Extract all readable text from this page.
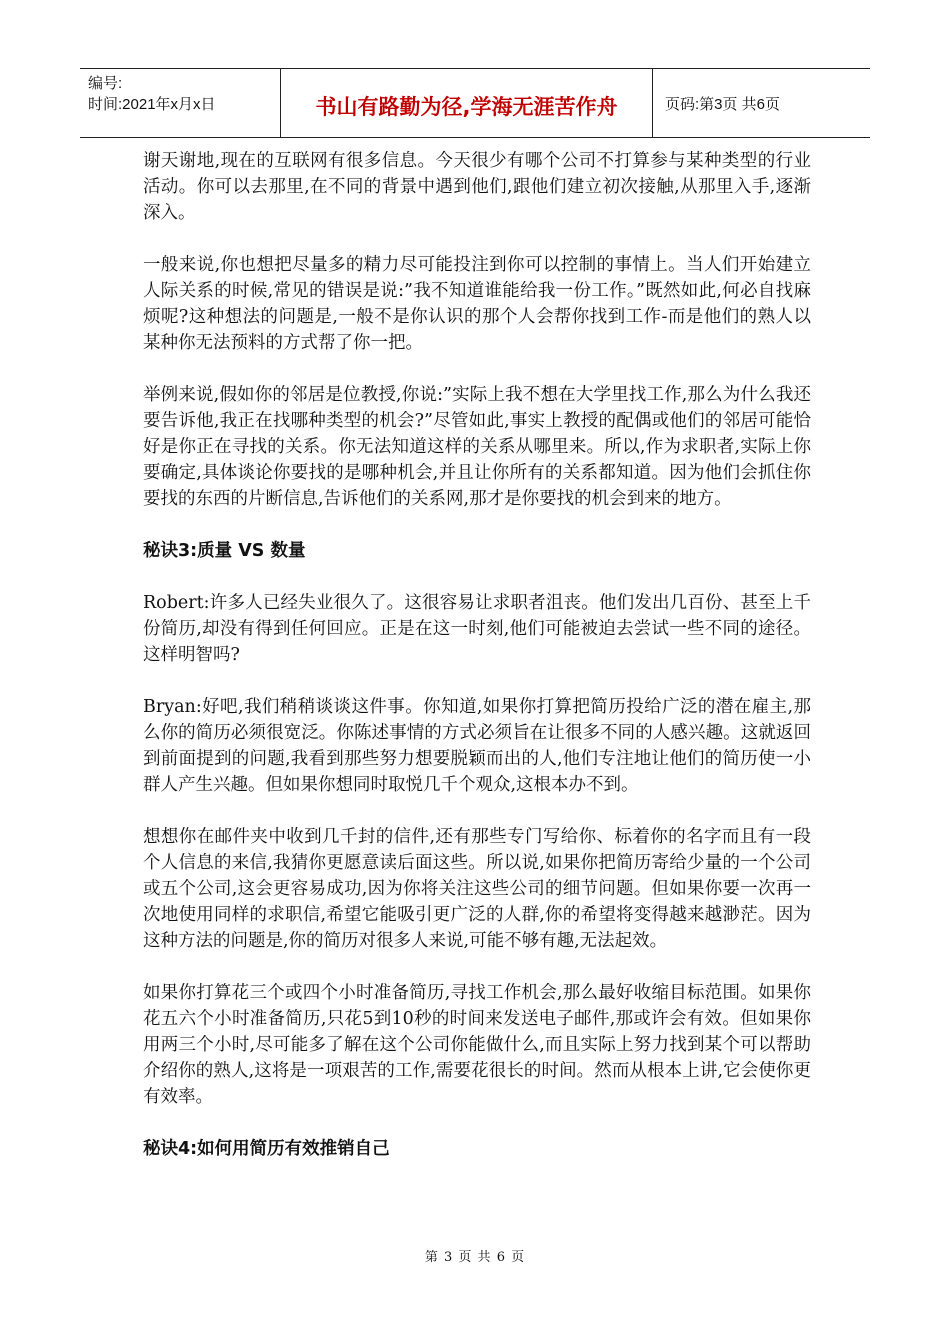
编号:
时间:2021年x月x日	书山有路勤为径,学海无涯苦作舟	页码:第3页 共6页

谢天谢地,现在的互联网有很多信息。今天很少有哪个公司不打算参与某种类型的行业活动。你可以去那里,在不同的背景中遇到他们,跟他们建立初次接触,从那里入手,逐渐深入。

一般来说,你也想把尽量多的精力尽可能投注到你可以控制的事情上。当人们开始建立人际关系的时候,常见的错误是说:”我不知道谁能给我一份工作。”既然如此,何必自找麻烦呢?这种想法的问题是,一般不是你认识的那个人会帮你找到工作-而是他们的熟人以某种你无法预料的方式帮了你一把。

举例来说,假如你的邻居是位教授,你说:”实际上我不想在大学里找工作,那么为什么我还要告诉他,我正在找哪种类型的机会?”尽管如此,事实上教授的配偶或他们的邻居可能恰好是你正在寻找的关系。你无法知道这样的关系从哪里来。所以,作为求职者,实际上你要确定,具体谈论你要找的是哪种机会,并且让你所有的关系都知道。因为他们会抓住你要找的东西的片断信息,告诉他们的关系网,那才是你要找的机会到来的地方。

秘诀3:质量 VS 数量

Robert:许多人已经失业很久了。这很容易让求职者沮丧。他们发出几百份、甚至上千份简历,却没有得到任何回应。正是在这一时刻,他们可能被迫去尝试一些不同的途径。这样明智吗?

Bryan:好吧,我们稍稍谈谈这件事。你知道,如果你打算把简历投给广泛的潜在雇主,那么你的简历必须很宽泛。你陈述事情的方式必须旨在让很多不同的人感兴趣。这就返回到前面提到的问题,我看到那些努力想要脱颖而出的人,他们专注地让他们的简历使一小群人产生兴趣。但如果你想同时取悦几千个观众,这根本办不到。

想想你在邮件夹中收到几千封的信件,还有那些专门写给你、标着你的名字而且有一段个人信息的来信,我猜你更愿意读后面这些。所以说,如果你把简历寄给少量的一个公司或五个公司,这会更容易成功,因为你将关注这些公司的细节问题。但如果你要一次再一次地使用同样的求职信,希望它能吸引更广泛的人群,你的希望将变得越来越渺茫。因为这种方法的问题是,你的简历对很多人来说,可能不够有趣,无法起效。

如果你打算花三个或四个小时准备简历,寻找工作机会,那么最好收缩目标范围。如果你花五六个小时准备简历,只花5到10秒的时间来发送电子邮件,那或许会有效。但如果你用两三个小时,尽可能多了解在这个公司你能做什么,而且实际上努力找到某个可以帮助介绍你的熟人,这将是一项艰苦的工作,需要花很长的时间。然而从根本上讲,它会使你更有效率。

秘诀4:如何用简历有效推销自己
第 3 页 共 6 页
